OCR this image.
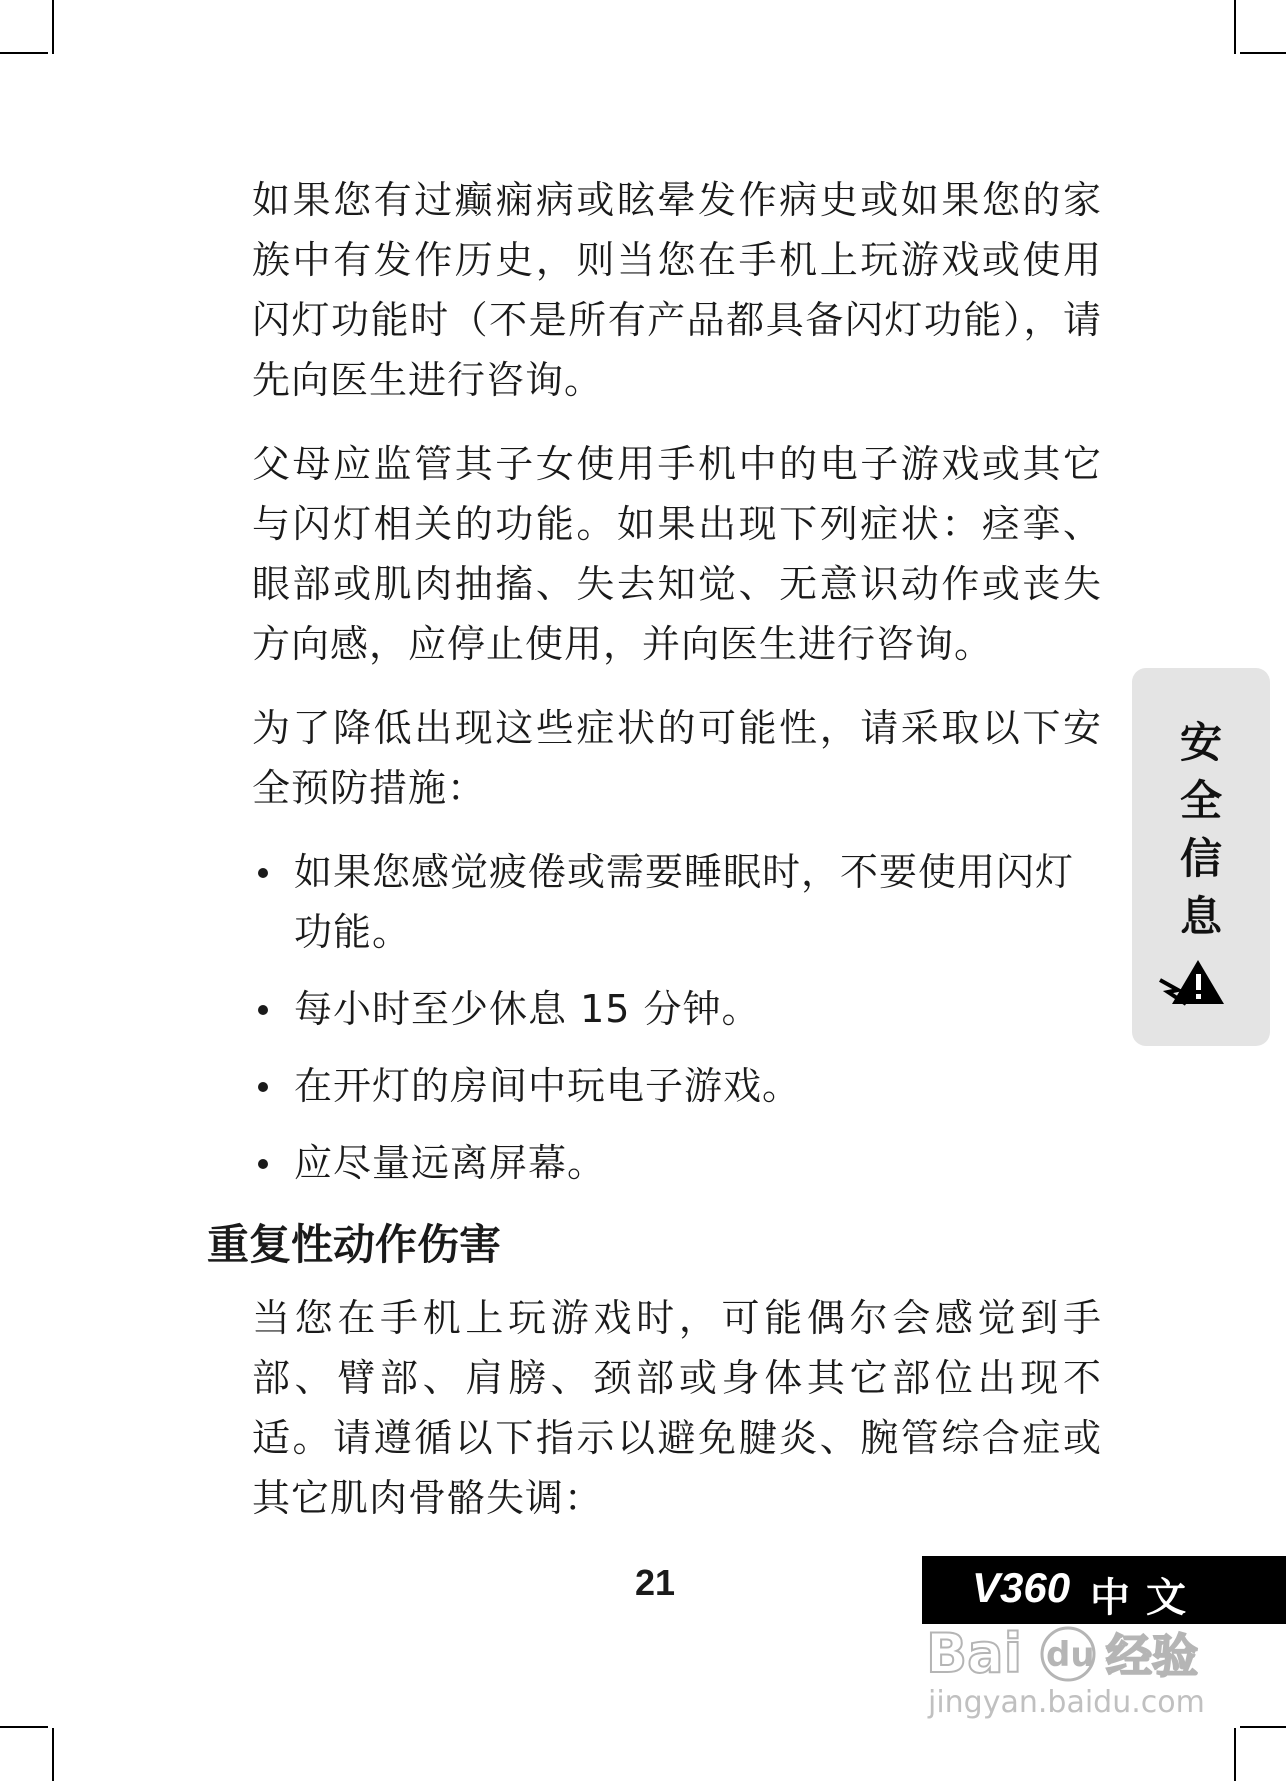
如果您有过癫痫病或眩晕发作病史或如果您的家族中有发作历史，则当您在手机上玩游戏或使用闪灯功能时（不是所有产品都具备闪灯功能），请先向医生进行咨询。

父母应监管其子女使用手机中的电子游戏或其它与闪灯相关的功能。如果出现下列症状：痉挛、眼部或肌肉抽搐、失去知觉、无意识动作或丧失方向感，应停止使用，并向医生进行咨询。

为了降低出现这些症状的可能性，请采取以下安全预防措施：

如果您感觉疲倦或需要睡眠时，不要使用闪灯功能。
每小时至少休息 15 分钟。
在开灯的房间中玩电子游戏。
应尽量远离屏幕。
重复性动作伤害

当您在手机上玩游戏时，可能偶尔会感觉到手部、臂部、肩膀、颈部或身体其它部位出现不适。请遵循以下指示以避免腱炎、腕管综合症或其它肌肉骨骼失调：

安全信息
21	V360 中文
Bai du 经验
jingyan.baidu.com
